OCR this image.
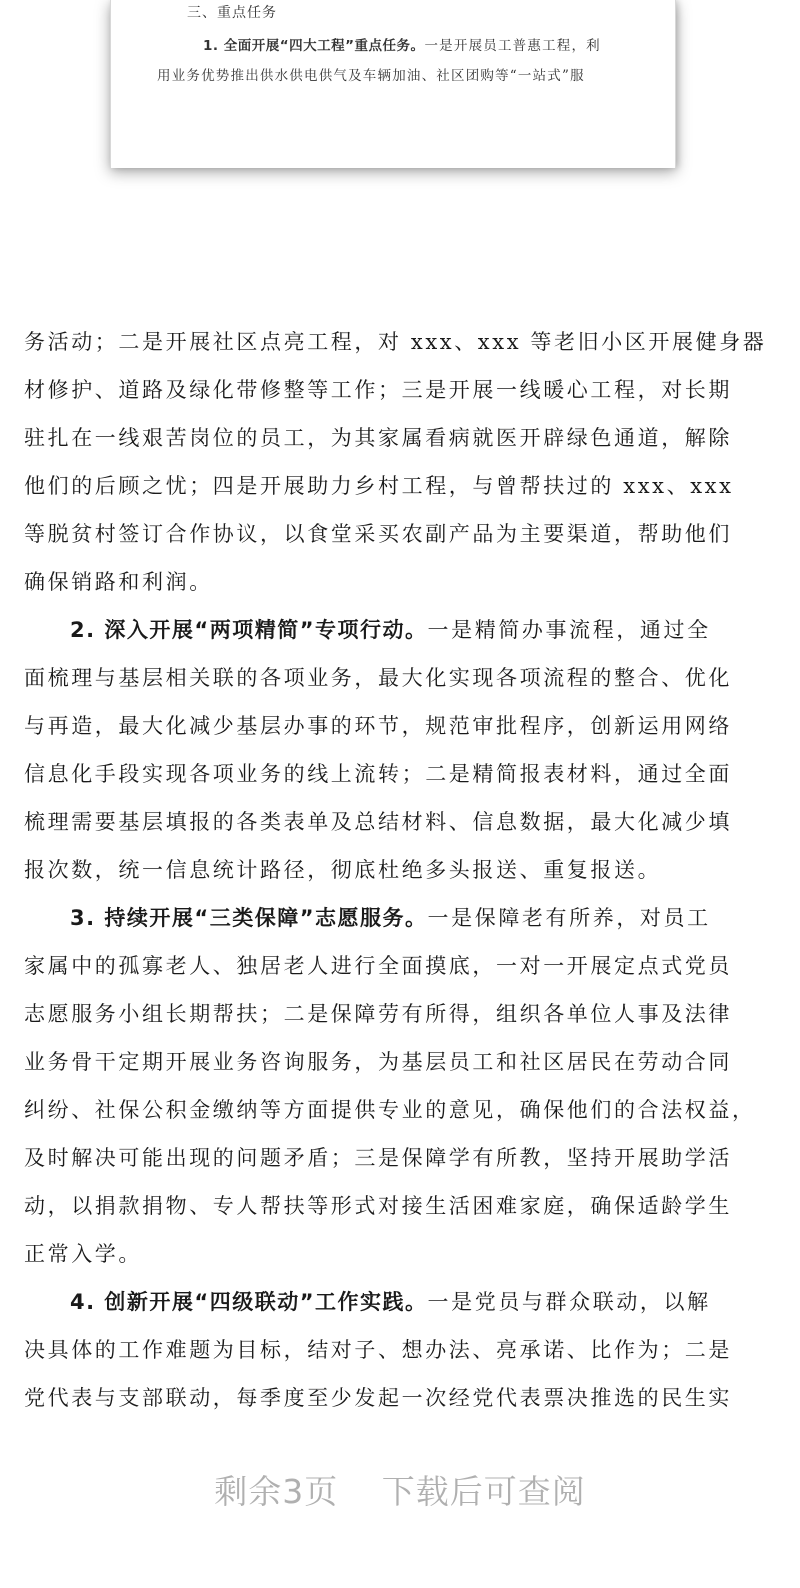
三、重点任务
1. 全面开展“四大工程”重点任务。一是开展员工普惠工程，利
用业务优势推出供水供电供气及车辆加油、社区团购等“一站式”服
务活动；二是开展社区点亮工程，对 xxx、xxx 等老旧小区开展健身器
材修护、道路及绿化带修整等工作；三是开展一线暖心工程，对长期
驻扎在一线艰苦岗位的员工，为其家属看病就医开辟绿色通道，解除
他们的后顾之忧；四是开展助力乡村工程，与曾帮扶过的 xxx、xxx
等脱贫村签订合作协议，以食堂采买农副产品为主要渠道，帮助他们
确保销路和利润。
2. 深入开展“两项精简”专项行动。一是精简办事流程，通过全
面梳理与基层相关联的各项业务，最大化实现各项流程的整合、优化
与再造，最大化减少基层办事的环节，规范审批程序，创新运用网络
信息化手段实现各项业务的线上流转；二是精简报表材料，通过全面
梳理需要基层填报的各类表单及总结材料、信息数据，最大化减少填
报次数，统一信息统计路径，彻底杜绝多头报送、重复报送。
3. 持续开展“三类保障”志愿服务。一是保障老有所养，对员工
家属中的孤寡老人、独居老人进行全面摸底，一对一开展定点式党员
志愿服务小组长期帮扶；二是保障劳有所得，组织各单位人事及法律
业务骨干定期开展业务咨询服务，为基层员工和社区居民在劳动合同
纠纷、社保公积金缴纳等方面提供专业的意见，确保他们的合法权益，
及时解决可能出现的问题矛盾；三是保障学有所教，坚持开展助学活
动，以捐款捐物、专人帮扶等形式对接生活困难家庭，确保适龄学生
正常入学。
4. 创新开展“四级联动”工作实践。一是党员与群众联动，以解
决具体的工作难题为目标，结对子、想办法、亮承诺、比作为；二是
党代表与支部联动，每季度至少发起一次经党代表票决推选的民生实
剩余3页 下载后可查阅
